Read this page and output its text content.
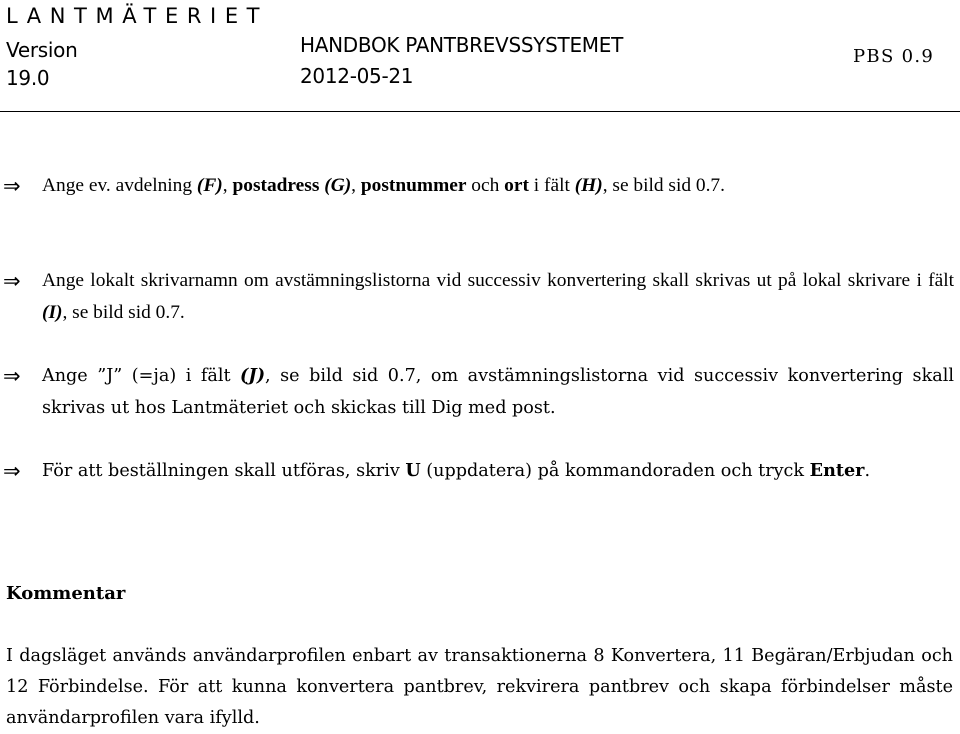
LANTMÄTERIET
Version
19.0
HANDBOK PANTBREVSSYSTEMET
2012-05-21
PBS 0.9
⇒ Ange ev. avdelning (F), postadress (G), postnummer och ort i fält (H), se bild sid 0.7.

⇒ Ange lokalt skrivarnamn om avstämningslistorna vid successiv konvertering skall skrivas ut på lokal skrivare i fält (I), se bild sid 0.7.

⇒ Ange ”J” (=ja) i fält (J), se bild sid 0.7, om avstämningslistorna vid successiv konvertering skall skrivas ut hos Lantmäteriet och skickas till Dig med post.

⇒ För att beställningen skall utföras, skriv U (uppdatera) på kommandoraden och tryck Enter.

Kommentar

I dagsläget används användarprofilen enbart av transaktionerna 8 Konvertera, 11 Begäran/Erbjudan och 12 Förbindelse. För att kunna konvertera pantbrev, rekvirera pantbrev och skapa förbindelser måste användarprofilen vara ifylld.
